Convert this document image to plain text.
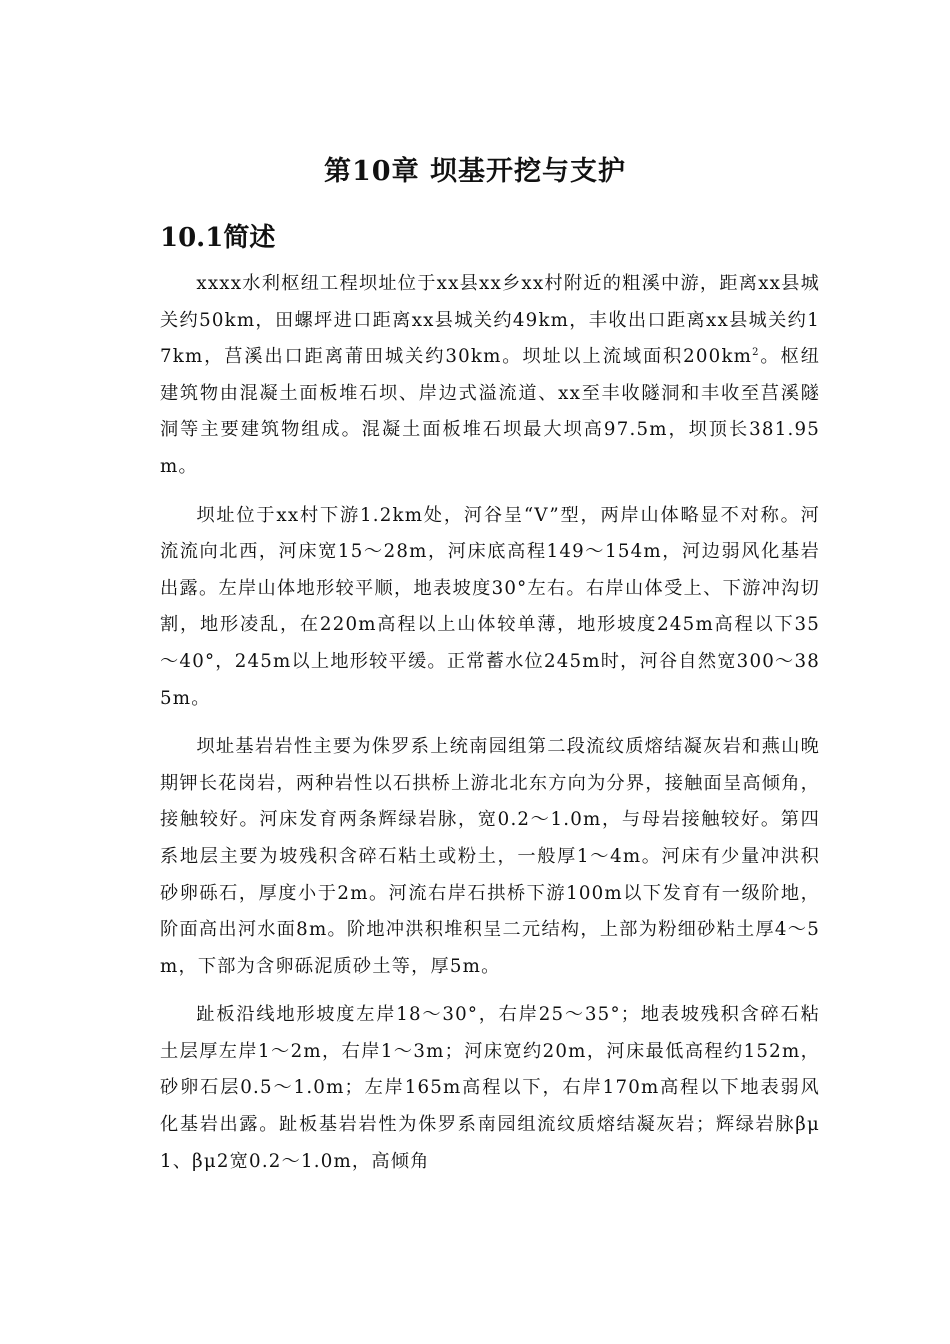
第10章 坝基开挖与支护
10.1简述

xxxx水利枢纽工程坝址位于xx县xx乡xx村附近的粗溪中游，距离xx县城关约50km，田螺坪进口距离xx县城关约49km，丰收出口距离xx县城关约17km，莒溪出口距离莆田城关约30km。坝址以上流域面积$200km^2$。枢纽建筑物由混凝土面板堆石坝、岸边式溢流道、xx至丰收隧洞和丰收至莒溪隧洞等主要建筑物组成。混凝土面板堆石坝最大坝高97.5m，坝顶长381.95m。

坝址位于xx村下游1.2km处，河谷呈“V”型，两岸山体略显不对称。河流流向北西，河床宽15～28m，河床底高程149～154m，河边弱风化基岩出露。左岸山体地形较平顺，地表坡度30°左右。右岸山体受上、下游冲沟切割，地形凌乱，在220m高程以上山体较单薄，地形坡度245m高程以下35～40°，245m以上地形较平缓。正常蓄水位245m时，河谷自然宽300～385m。

坝址基岩岩性主要为侏罗系上统南园组第二段流纹质熔结凝灰岩和燕山晚期钾长花岗岩，两种岩性以石拱桥上游北北东方向为分界，接触面呈高倾角，接触较好。河床发育两条辉绿岩脉，宽0.2～1.0m，与母岩接触较好。第四系地层主要为坡残积含碎石粘土或粉土，一般厚1～4m。河床有少量冲洪积砂卵砾石，厚度小于2m。河流右岸石拱桥下游100m以下发育有一级阶地，阶面高出河水面8m。阶地冲洪积堆积呈二元结构，上部为粉细砂粘土厚4～5m，下部为含卵砾泥质砂土等，厚5m。

趾板沿线地形坡度左岸18～30°，右岸25～35°；地表坡残积含碎石粘土层厚左岸1～2m，右岸1～3m；河床宽约20m，河床最低高程约152m，砂卵石层0.5～1.0m；左岸165m高程以下，右岸170m高程以下地表弱风化基岩出露。趾板基岩岩性为侏罗系南园组流纹质熔结凝灰岩；辉绿岩脉βμ1、βμ2宽0.2～1.0m，高倾角
